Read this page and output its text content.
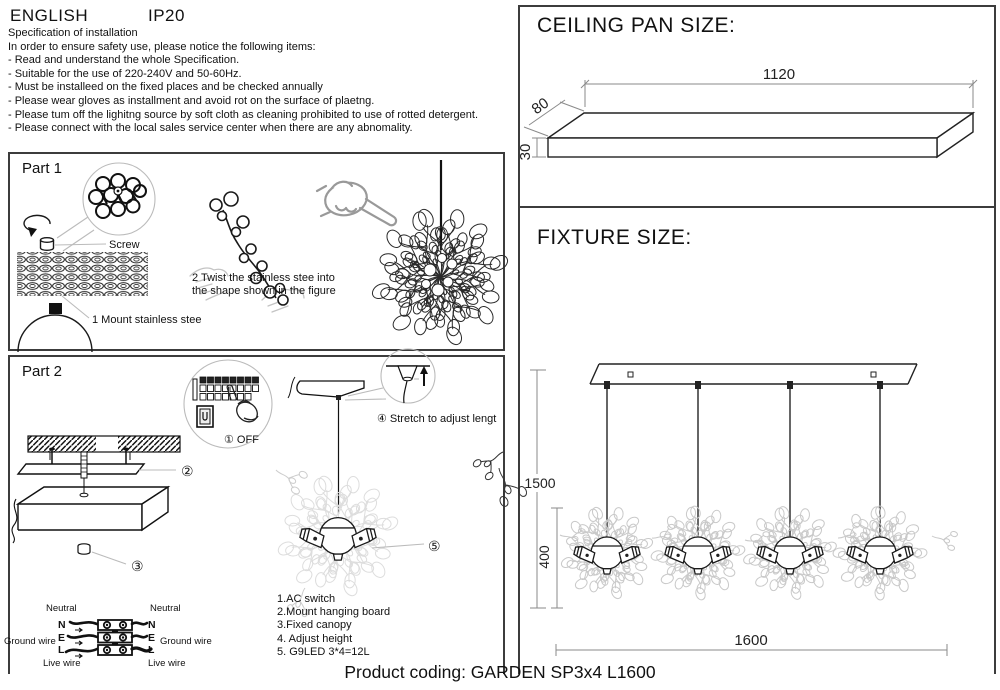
ENGLISH	IP20
Specification of installation
In order to ensure safety use, please notice the following items:
- Read and understand the whole Specification.
- Suitable for the use of 220-240V and 50-60Hz.
- Must be installeed on the fixed places and be checked annually
- Please wear gloves as installment and avoid rot on the surface of plaetng.
- Please tum off the lighitng source by soft cloth as cleaning prohibited to use of rotted detergent.
- Please connect with the local sales service center when there are any abnomality.
Part 1
Part 2
CEILING PAN SIZE:
FIXTURE SIZE:
Screw
1 Mount stainless stee
2 Twist the stainless stee into
the shape shown in the figure
① OFF
②
③
④ Stretch to adjust lengt
⑤
Neutral	Neutral
N
E
L
N
E
L
Ground wire	Ground wire
Live wire	Live wire
1.AC switch
2.Mount hanging board
3.Fixed canopy
4. Adjust height
5. G9LED 3*4=12L
1120
80
30
1500
400
1600
Product coding: GARDEN SP3x4 L1600
